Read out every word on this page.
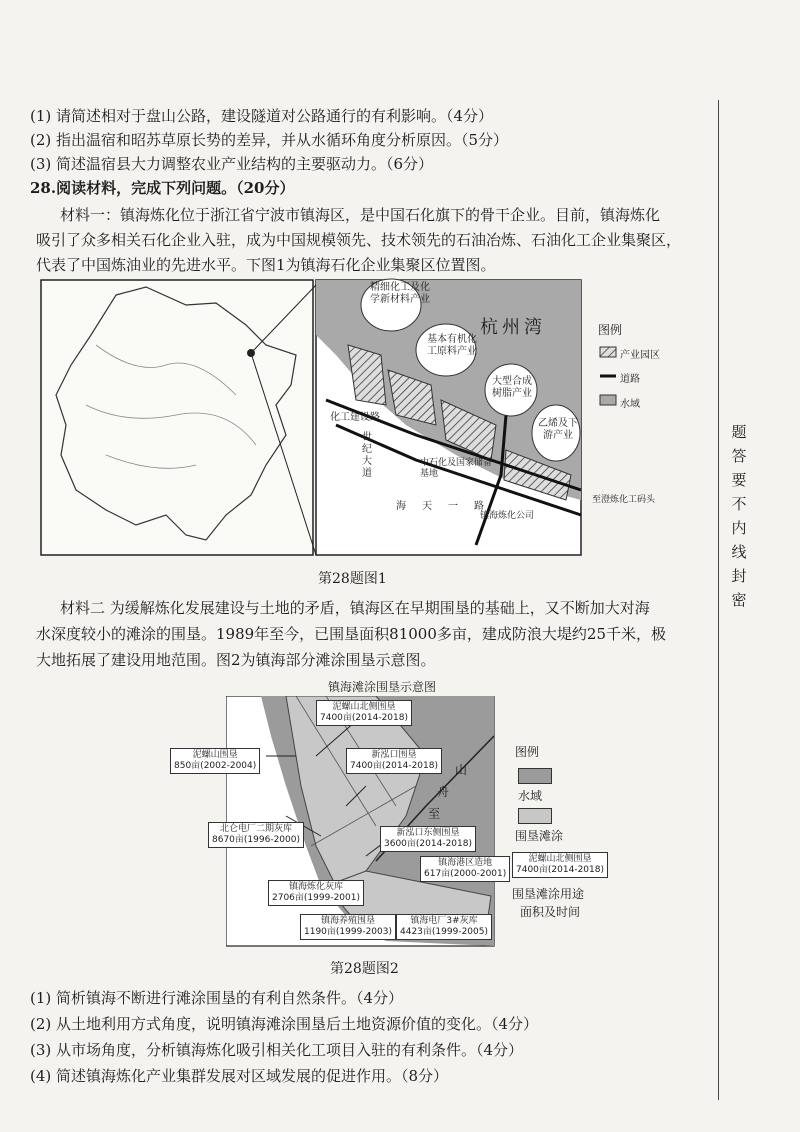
(1) 请简述相对于盘山公路，建设隧道对公路通行的有利影响。（4分）
(2) 指出温宿和昭苏草原长势的差异，并从水循环角度分析原因。（5分）
(3) 简述温宿县大力调整农业产业结构的主要驱动力。（6分）
28.阅读材料，完成下列问题。（20分）
材料一：镇海炼化位于浙江省宁波市镇海区，是中国石化旗下的骨干企业。目前，镇海炼化
吸引了众多相关石化企业入驻，成为中国规模领先、技术领先的石油冶炼、石油化工企业集聚区，
代表了中国炼油业的先进水平。下图1为镇海石化企业集聚区位置图。
杭州湾
精细化工及化学新材料产业
基本有机化工原料产业
大型合成树脂产业
乙烯及下游产业
化工建设路
世纪大道
海天一路
中石化及国家储备基地
镇海炼化公司
至澄炼化工码头
图例
产业园区
道路
水域
第28题图1
材料二 为缓解炼化发展建设与土地的矛盾，镇海区在早期围垦的基础上，又不断加大对海
水深度较小的滩涂的围垦。1989年至今，已围垦面积81000多亩，建成防浪大堤约25千米，极
大地拓展了建设用地范围。图2为镇海部分滩涂围垦示意图。
镇海滩涂围垦示意图
泥螺山北侧围垦
7400亩(2014-2018)
泥螺山围垦
850亩(2002-2004)
新泓口围垦
7400亩(2014-2018)
北仑电厂二期灰库
8670亩(1996-2000)
新泓口东侧围垦
3600亩(2014-2018)
镇海港区造地
617亩(2000-2001)
镇海炼化灰库
2706亩(1999-2001)
镇海养殖围垦
1190亩(1999-2003)
镇海电厂3#灰库
4423亩(1999-2005)
山
舟
至
图例
水域
围垦滩涂
泥螺山北侧围垦
7400亩(2014-2018)
围垦滩涂用途
面积及时间
第28题图2
(1) 简析镇海不断进行滩涂围垦的有利自然条件。（4分）
(2) 从土地利用方式角度，说明镇海滩涂围垦后土地资源价值的变化。（4分）
(3) 从市场角度，分析镇海炼化吸引相关化工项目入驻的有利条件。（4分）
(4) 简述镇海炼化产业集群发展对区域发展的促进作用。（8分）
题
答
要
不
内
线
封
密
